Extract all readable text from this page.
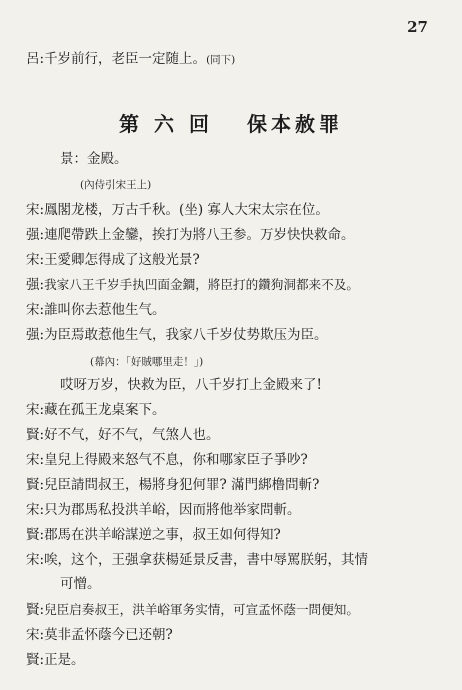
27
呂:千岁前行，老臣一定随上。(同下)
第 六 回 保本赦罪
景：金殿。
(內侍引宋王上)
宋:鳳閣龙楼，万古千秋。(坐) 寡人大宋太宗在位。
强:連爬帶跌上金鑾，挨打为將八王参。万岁快快救命。
宋:王愛卿怎得成了这般光景?
强:我家八王千岁手执凹面金鐧，將臣打的鑽狗洞都来不及。
宋:誰叫你去惹他生气。
强:为臣焉敢惹他生气，我家八千岁仗势欺压为臣。
(幕內：「好賊哪里走！」)
哎呀万岁，快救为臣，八千岁打上金殿来了!
宋:藏在孤王龙桌案下。
賢:好不气，好不气，气煞人也。
宋:皇兒上得殿来怒气不息，你和哪家臣子爭吵?
賢:兒臣請問叔王，楊將身犯何罪? 滿門綁橹問斬?
宋:只为郡馬私投洪羊峪，因而將他举家問斬。
賢:郡馬在洪羊峪謀逆之事，叔王如何得知?
宋:唉，这个，王强拿获楊延景反書，書中辱罵朕躬，其情
可憎。
賢:兒臣启奏叔王，洪羊峪軍务实情，可宣孟怀蔭一問便知。
宋:莫非孟怀蔭今已还朝?
賢:正是。
